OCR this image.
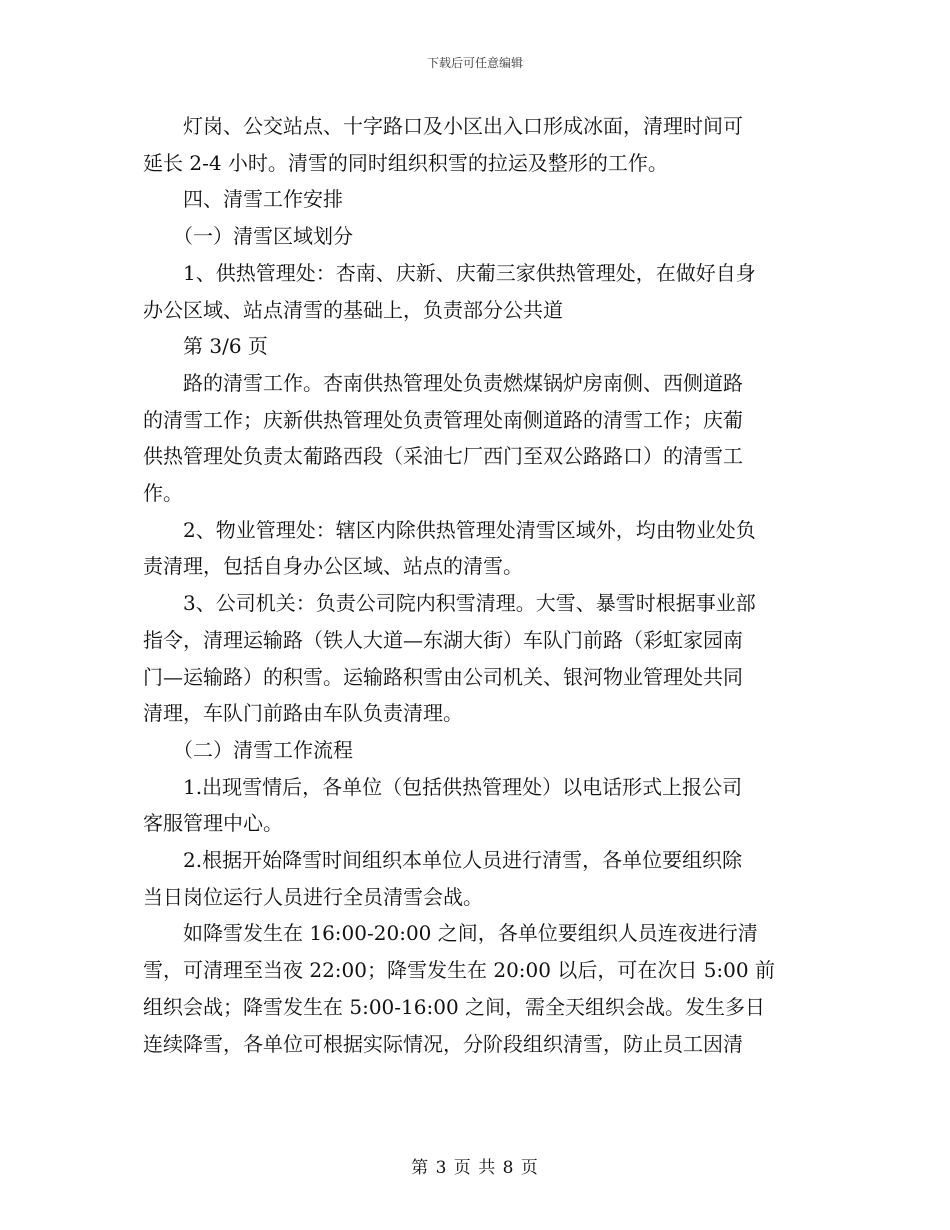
下载后可任意编辑

灯岗、公交站点、十字路口及小区出入口形成冰面，清理时间可

延长 2-4 小时。清雪的同时组织积雪的拉运及整形的工作。

四、清雪工作安排

（一）清雪区域划分

1、供热管理处：杏南、庆新、庆葡三家供热管理处，在做好自身

办公区域、站点清雪的基础上，负责部分公共道

第 3/6 页

路的清雪工作。杏南供热管理处负责燃煤锅炉房南侧、西侧道路

的清雪工作；庆新供热管理处负责管理处南侧道路的清雪工作；庆葡

供热管理处负责太葡路西段（采油七厂西门至双公路路口）的清雪工

作。

2、物业管理处：辖区内除供热管理处清雪区域外，均由物业处负

责清理，包括自身办公区域、站点的清雪。

3、公司机关：负责公司院内积雪清理。大雪、暴雪时根据事业部

指令，清理运输路（铁人大道—东湖大街）车队门前路（彩虹家园南

门—运输路）的积雪。运输路积雪由公司机关、银河物业管理处共同

清理，车队门前路由车队负责清理。

（二）清雪工作流程

1.出现雪情后，各单位（包括供热管理处）以电话形式上报公司

客服管理中心。

2.根据开始降雪时间组织本单位人员进行清雪，各单位要组织除

当日岗位运行人员进行全员清雪会战。

如降雪发生在 16:00-20:00 之间，各单位要组织人员连夜进行清

雪，可清理至当夜 22:00；降雪发生在 20:00 以后，可在次日 5:00 前

组织会战；降雪发生在 5:00-16:00 之间，需全天组织会战。发生多日

连续降雪，各单位可根据实际情况，分阶段组织清雪，防止员工因清

第 3 页 共 8 页
